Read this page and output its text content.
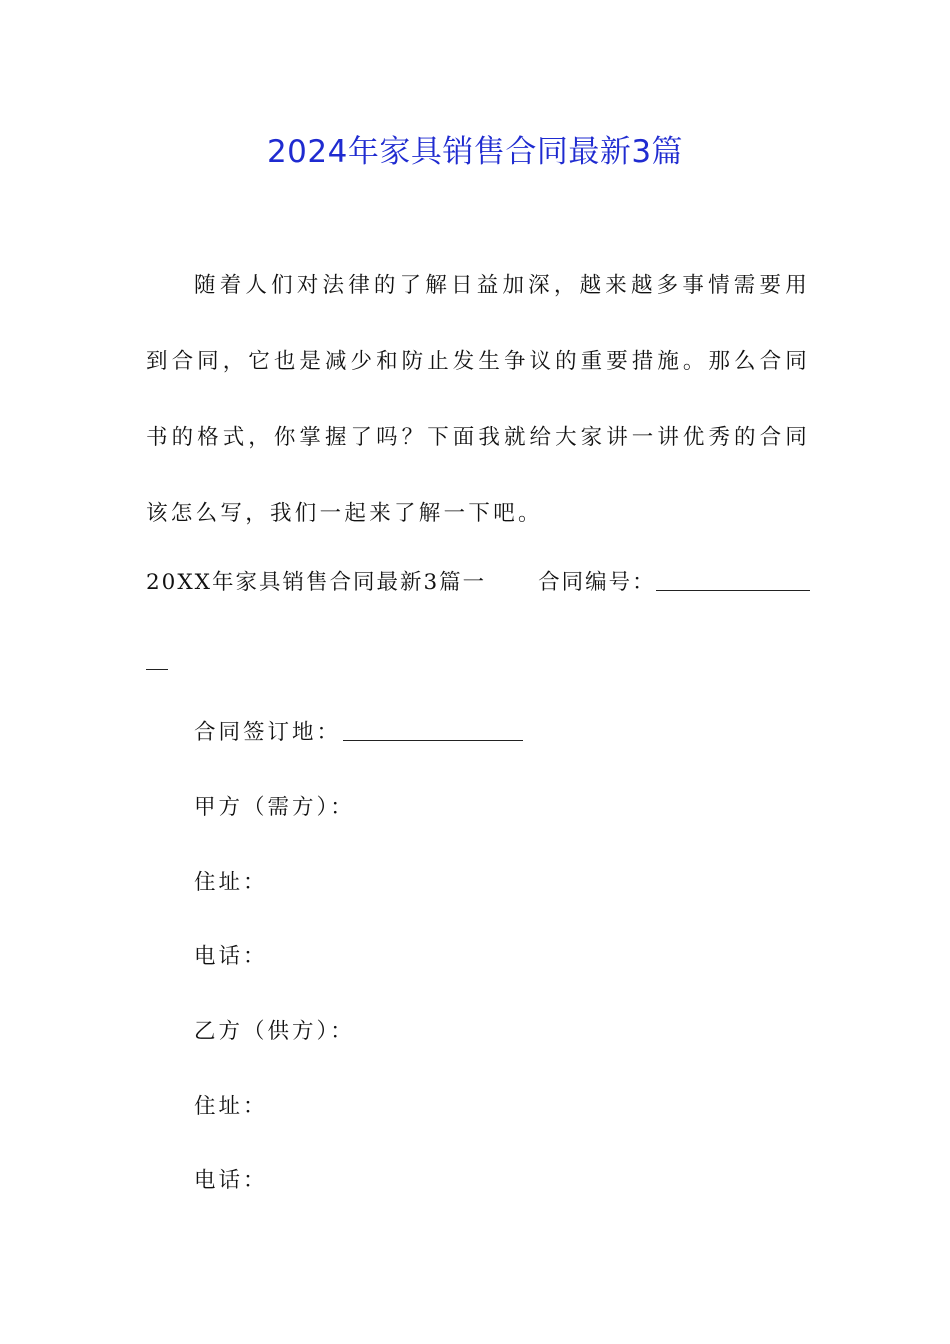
2024年家具销售合同最新3篇

随着人们对法律的了解日益加深，越来越多事情需要用到合同，它也是减少和防止发生争议的重要措施。那么合同书的格式，你掌握了吗？下面我就给大家讲一讲优秀的合同该怎么写，我们一起来了解一下吧。

20XX年家具销售合同最新3篇一 合同编号：

合同签订地：

甲方（需方）：

住址：

电话：

乙方（供方）：

住址：

电话：
